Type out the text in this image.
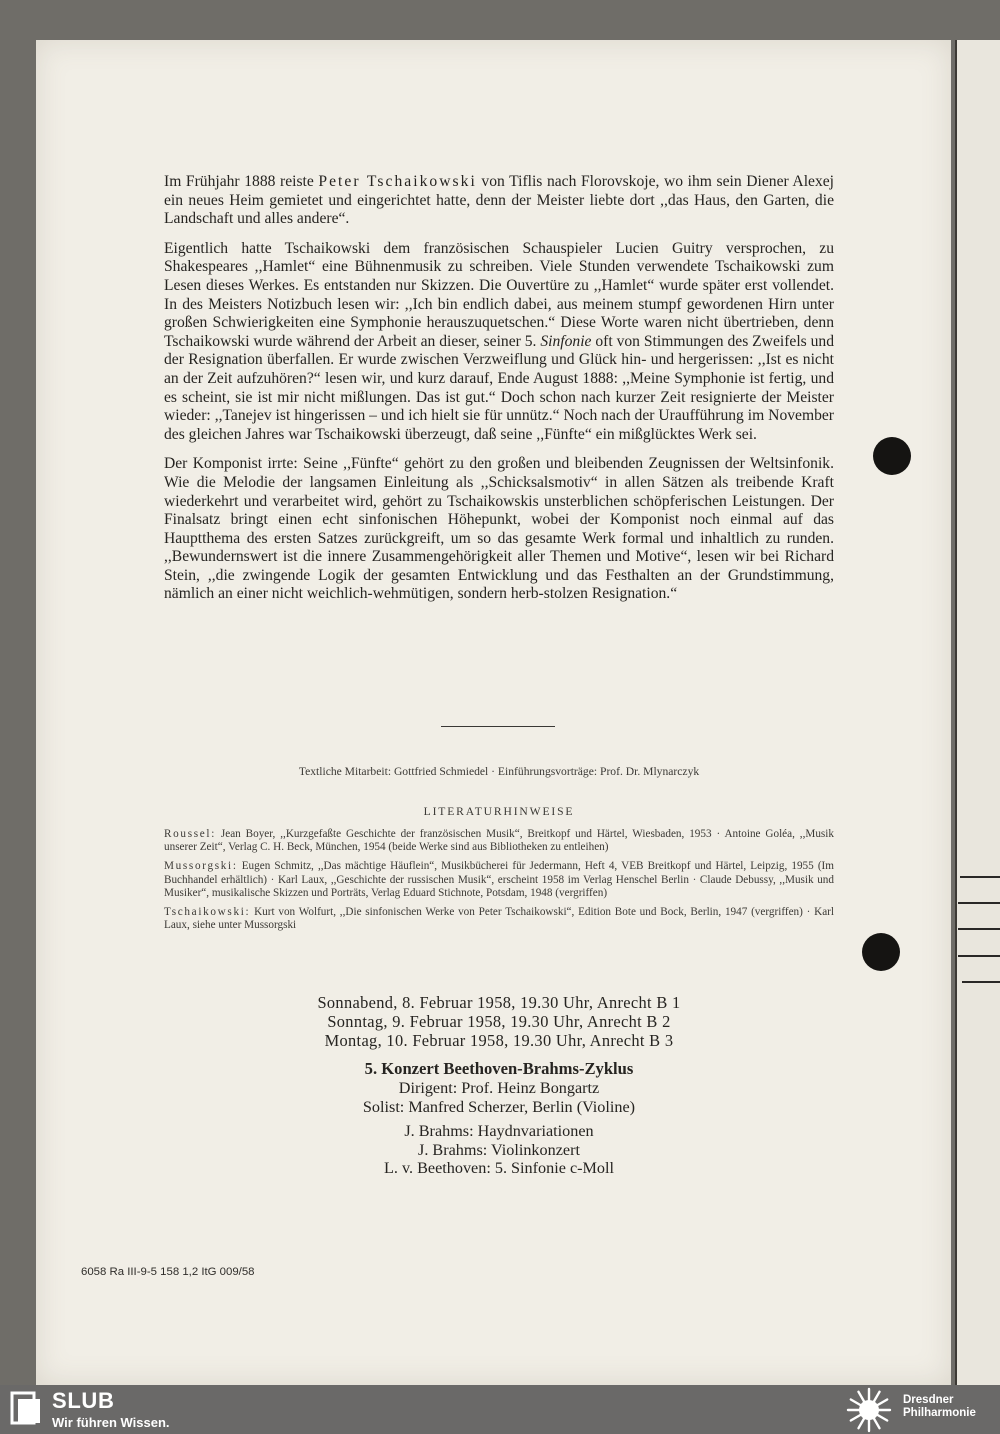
Im Frühjahr 1888 reiste Peter Tschaikowski von Tiflis nach Florovskoje, wo ihm sein Diener Alexej ein neues Heim gemietet und eingerichtet hatte, denn der Meister liebte dort ,,das Haus, den Garten, die Landschaft und alles andere“.

Eigentlich hatte Tschaikowski dem französischen Schauspieler Lucien Guitry versprochen, zu Shakespeares ,,Hamlet“ eine Bühnenmusik zu schreiben. Viele Stunden verwendete Tschaikowski zum Lesen dieses Werkes. Es entstanden nur Skizzen. Die Ouvertüre zu ,,Hamlet“ wurde später erst vollendet. In des Meisters Notizbuch lesen wir: ,,Ich bin endlich dabei, aus meinem stumpf gewordenen Hirn unter großen Schwierigkeiten eine Symphonie herauszuquetschen.“ Diese Worte waren nicht übertrieben, denn Tschaikowski wurde während der Arbeit an dieser, seiner 5. Sinfonie oft von Stimmungen des Zweifels und der Resignation überfallen. Er wurde zwischen Verzweiflung und Glück hin- und hergerissen: ,,Ist es nicht an der Zeit aufzuhören?“ lesen wir, und kurz darauf, Ende August 1888: ,,Meine Symphonie ist fertig, und es scheint, sie ist mir nicht mißlungen. Das ist gut.“ Doch schon nach kurzer Zeit resignierte der Meister wieder: ,,Tanejev ist hingerissen – und ich hielt sie für unnütz.“ Noch nach der Uraufführung im November des gleichen Jahres war Tschaikowski überzeugt, daß seine ,,Fünfte“ ein mißglücktes Werk sei.

Der Komponist irrte: Seine ,,Fünfte“ gehört zu den großen und bleibenden Zeugnissen der Weltsinfonik. Wie die Melodie der langsamen Einleitung als ,,Schicksalsmotiv“ in allen Sätzen als treibende Kraft wiederkehrt und verarbeitet wird, gehört zu Tschaikowskis unsterblichen schöpferischen Leistungen. Der Finalsatz bringt einen echt sinfonischen Höhepunkt, wobei der Komponist noch einmal auf das Hauptthema des ersten Satzes zurückgreift, um so das gesamte Werk formal und inhaltlich zu runden. ,,Bewundernswert ist die innere Zusammengehörigkeit aller Themen und Motive“, lesen wir bei Richard Stein, ,,die zwingende Logik der gesamten Entwicklung und das Festhalten an der Grundstimmung, nämlich an einer nicht weichlich-wehmütigen, sondern herb-stolzen Resignation.“

Textliche Mitarbeit: Gottfried Schmiedel · Einführungsvorträge: Prof. Dr. Mlynarczyk
LITERATURHINWEISE

Roussel: Jean Boyer, ,,Kurzgefaßte Geschichte der französischen Musik“, Breitkopf und Härtel, Wiesbaden, 1953 · Antoine Goléa, ,,Musik unserer Zeit“, Verlag C. H. Beck, München, 1954 (beide Werke sind aus Bibliotheken zu entleihen)

Mussorgski: Eugen Schmitz, ,,Das mächtige Häuflein“, Musikbücherei für Jedermann, Heft 4, VEB Breitkopf und Härtel, Leipzig, 1955 (Im Buchhandel erhältlich) · Karl Laux, ,,Geschichte der russischen Musik“, erscheint 1958 im Verlag Henschel Berlin · Claude Debussy, ,,Musik und Musiker“, musikalische Skizzen und Porträts, Verlag Eduard Stichnote, Potsdam, 1948 (vergriffen)

Tschaikowski: Kurt von Wolfurt, ,,Die sinfonischen Werke von Peter Tschaikowski“, Edition Bote und Bock, Berlin, 1947 (vergriffen) · Karl Laux, siehe unter Mussorgski

Sonnabend, 8. Februar 1958, 19.30 Uhr, Anrecht B 1
Sonntag, 9. Februar 1958, 19.30 Uhr, Anrecht B 2
Montag, 10. Februar 1958, 19.30 Uhr, Anrecht B 3
5. Konzert Beethoven-Brahms-Zyklus
Dirigent: Prof. Heinz Bongartz
Solist: Manfred Scherzer, Berlin (Violine)
J. Brahms: Haydnvariationen
J. Brahms: Violinkonzert
L. v. Beethoven: 5. Sinfonie c-Moll
6058 Ra III-9-5 158 1,2 ItG 009/58
SLUB
Wir führen Wissen.
Dresdner
Philharmonie
